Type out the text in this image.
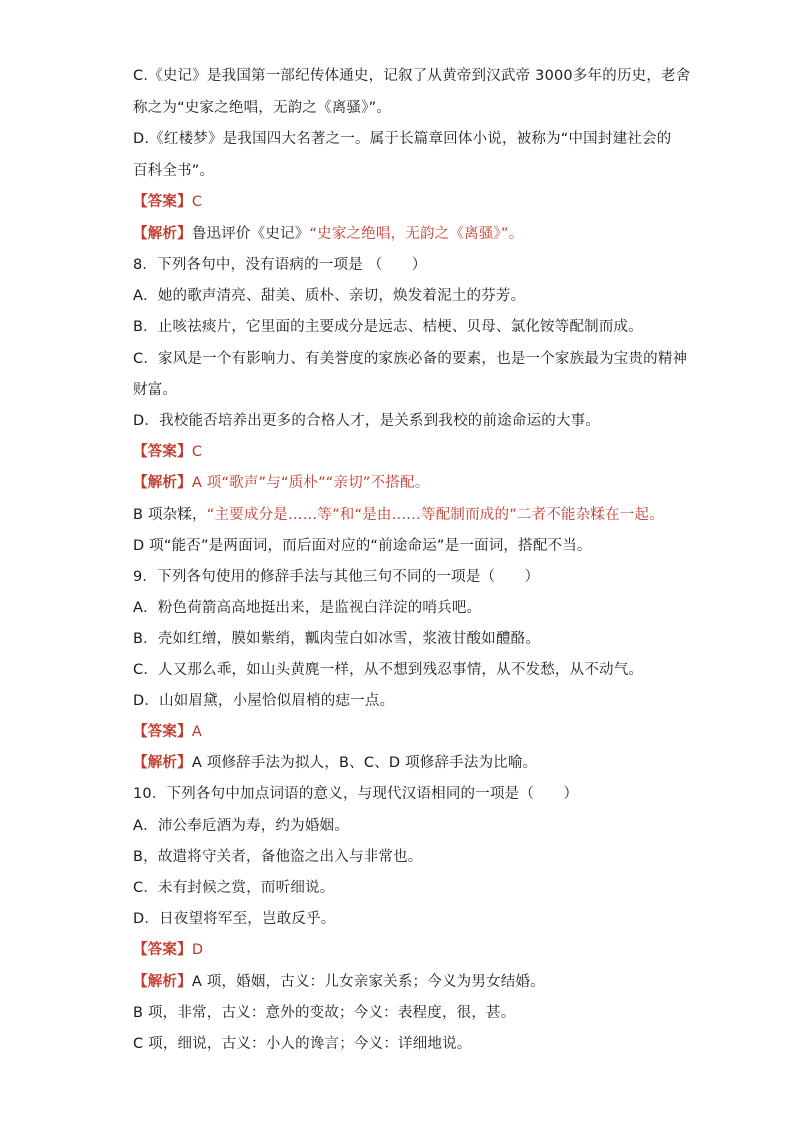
C.《史记》是我国第一部纪传体通史，记叙了从黄帝到汉武帝 3000多年的历史，老舍
称之为“史家之绝唱，无韵之《离骚》”。
D.《红楼梦》是我国四大名著之一。属于长篇章回体小说，被称为“中国封建社会的
百科全书”。
【答案】C
【解析】鲁迅评价《史记》“史家之绝唱，无韵之《离骚》”。
8．下列各句中，没有语病的一项是 （　　）
A．她的歌声清亮、甜美、质朴、亲切，焕发着泥土的芬芳。
B．止咳祛痰片，它里面的主要成分是远志、桔梗、贝母、氯化铵等配制而成。
C．家风是一个有影响力、有美誉度的家族必备的要素，也是一个家族最为宝贵的精神
财富。
D．我校能否培养出更多的合格人才，是关系到我校的前途命运的大事。
【答案】C
【解析】A 项“歌声”与“质朴”“亲切”不搭配。
B 项杂糅，“主要成分是……等”和“是由……等配制而成的”二者不能杂糅在一起。
D 项“能否”是两面词，而后面对应的“前途命运”是一面词，搭配不当。
9．下列各句使用的修辞手法与其他三句不同的一项是（　　）
A．粉色荷箭高高地挺出来，是监视白洋淀的哨兵吧。
B．壳如红缯，膜如紫绡，瓤肉莹白如冰雪，浆液甘酸如醴酪。
C．人又那么乖，如山头黄麂一样，从不想到残忍事情，从不发愁，从不动气。
D．山如眉黛，小屋恰似眉梢的痣一点。
【答案】A
【解析】A 项修辞手法为拟人，B、C、D 项修辞手法为比喻。
10．下列各句中加点词语的意义，与现代汉语相同的一项是（　　）
A．沛公奉卮酒为寿，约为婚姻。
B，故遣将守关者，备他盗之出入与非常也。
C．未有封候之赏，而听细说。
D．日夜望将军至，岂敢反乎。
【答案】D
【解析】A 项，婚姻，古义：儿女亲家关系；今义为男女结婚。
B 项，非常，古义：意外的变故；今义：表程度，很，甚。
C 项，细说，古义：小人的谗言；今义：详细地说。
